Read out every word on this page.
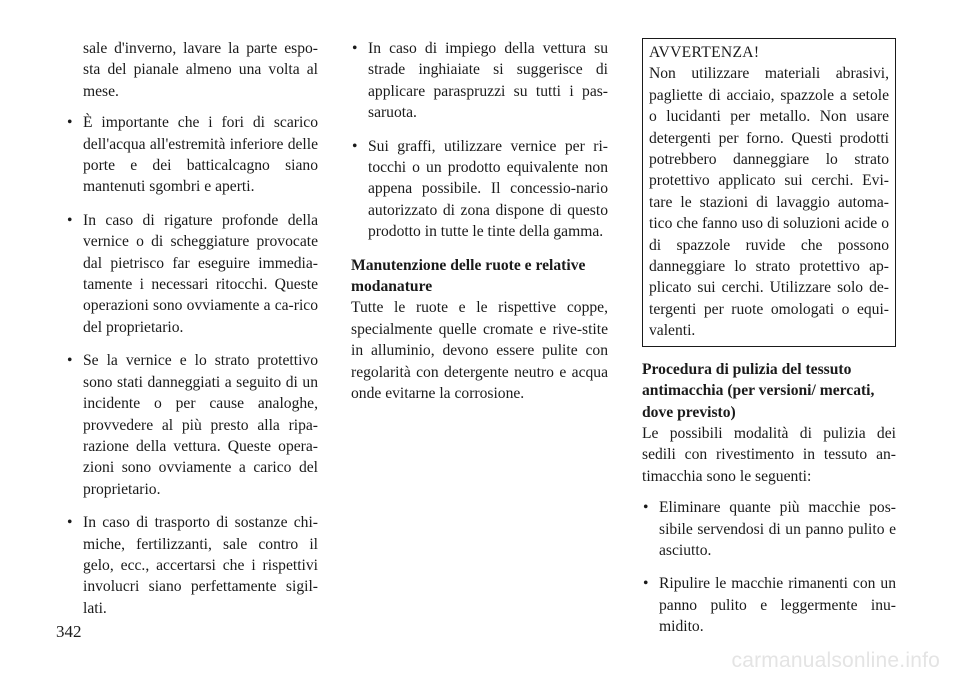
sale d'inverno, lavare la parte espo-sta del pianale almeno una volta al mese.

• È importante che i fori di scarico dell'acqua all'estremità inferiore delle porte e dei batticalcagno siano mantenuti sgombri e aperti.
• In caso di rigature profonde della vernice o di scheggiature provocate dal pietrisco far eseguire immedia-tamente i necessari ritocchi. Queste operazioni sono ovviamente a ca-rico del proprietario.
• Se la vernice e lo strato protettivo sono stati danneggiati a seguito di un incidente o per cause analoghe, provvedere al più presto alla ripa-razione della vettura. Queste opera-zioni sono ovviamente a carico del proprietario.
• In caso di trasporto di sostanze chi-miche, fertilizzanti, sale contro il gelo, ecc., accertarsi che i rispettivi involucri siano perfettamente sigil-lati.
• In caso di impiego della vettura su strade inghiaiate si suggerisce di applicare paraspruzzi su tutti i pas-saruota.
• Sui graffi, utilizzare vernice per ri-tocchi o un prodotto equivalente non appena possibile. Il concessio-nario autorizzato di zona dispone di questo prodotto in tutte le tinte della gamma.
Manutenzione delle ruote e relative modanature

Tutte le ruote e le rispettive coppe, specialmente quelle cromate e rive-stite in alluminio, devono essere pulite con regolarità con detergente neutro e acqua onde evitarne la corrosione.

AVVERTENZA!

Non utilizzare materiali abrasivi, pagliette di acciaio, spazzole a setole o lucidanti per metallo. Non usare detergenti per forno. Questi prodotti potrebbero danneggiare lo strato protettivo applicato sui cerchi. Evi-tare le stazioni di lavaggio automa-tico che fanno uso di soluzioni acide o di spazzole ruvide che possono danneggiare lo strato protettivo ap-plicato sui cerchi. Utilizzare solo de-tergenti per ruote omologati o equi-valenti.

Procedura di pulizia del tessuto antimacchia (per versioni/ mercati, dove previsto)

Le possibili modalità di pulizia dei sedili con rivestimento in tessuto an-timacchia sono le seguenti:

• Eliminare quante più macchie pos-sibile servendosi di un panno pulito e asciutto.
• Ripulire le macchie rimanenti con un panno pulito e leggermente inu-midito.
342
carmanualsonline.info
